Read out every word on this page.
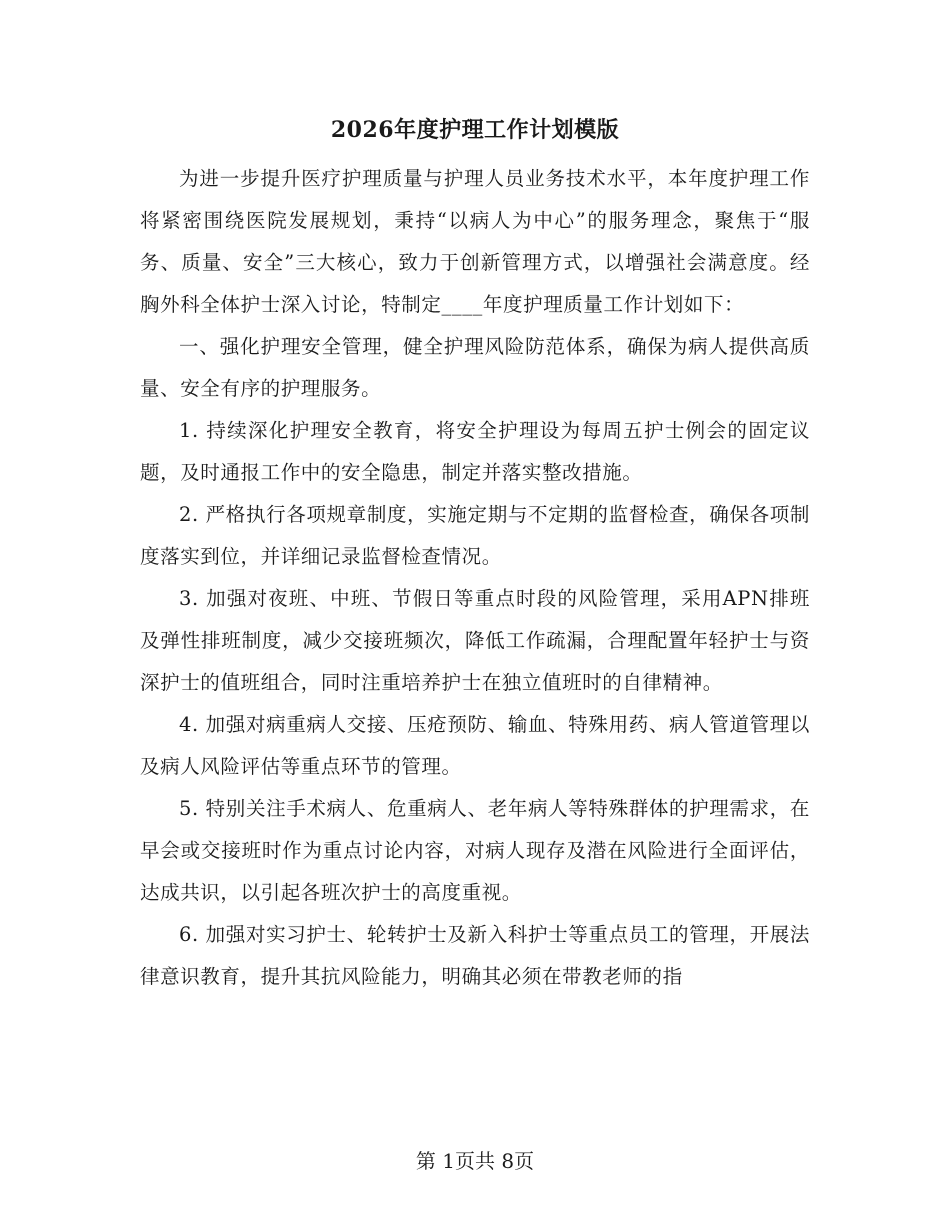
2026年度护理工作计划模版

为进一步提升医疗护理质量与护理人员业务技术水平，本年度护理工作将紧密围绕医院发展规划，秉持“以病人为中心”的服务理念，聚焦于“服务、质量、安全”三大核心，致力于创新管理方式，以增强社会满意度。经胸外科全体护士深入讨论，特制定____年度护理质量工作计划如下：

一、强化护理安全管理，健全护理风险防范体系，确保为病人提供高质量、安全有序的护理服务。

1. 持续深化护理安全教育，将安全护理设为每周五护士例会的固定议题，及时通报工作中的安全隐患，制定并落实整改措施。

2. 严格执行各项规章制度，实施定期与不定期的监督检查，确保各项制度落实到位，并详细记录监督检查情况。

3. 加强对夜班、中班、节假日等重点时段的风险管理，采用APN排班及弹性排班制度，减少交接班频次，降低工作疏漏，合理配置年轻护士与资深护士的值班组合，同时注重培养护士在独立值班时的自律精神。

4. 加强对病重病人交接、压疮预防、输血、特殊用药、病人管道管理以及病人风险评估等重点环节的管理。

5. 特别关注手术病人、危重病人、老年病人等特殊群体的护理需求，在早会或交接班时作为重点讨论内容，对病人现存及潜在风险进行全面评估，达成共识，以引起各班次护士的高度重视。

6. 加强对实习护士、轮转护士及新入科护士等重点员工的管理，开展法律意识教育，提升其抗风险能力，明确其必须在带教老师的指

第 1页共 8页
